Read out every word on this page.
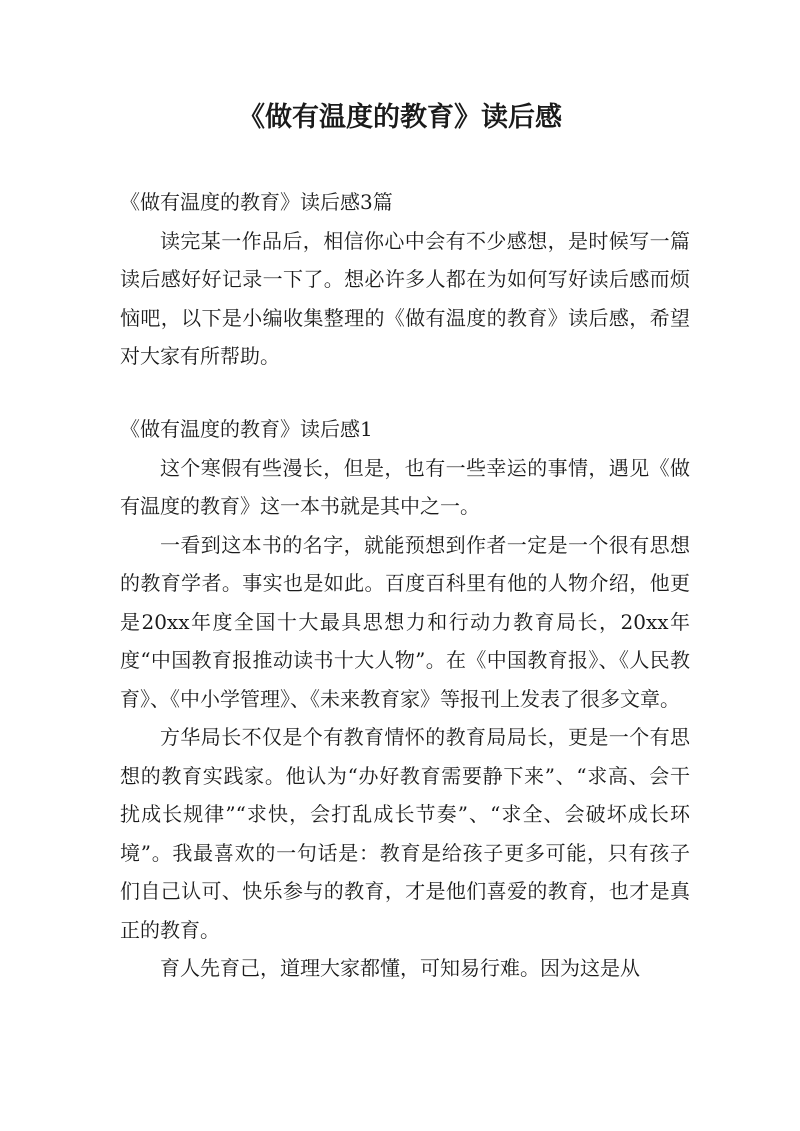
《做有温度的教育》读后感

《做有温度的教育》读后感3篇

读完某一作品后，相信你心中会有不少感想，是时候写一篇读后感好好记录一下了。想必许多人都在为如何写好读后感而烦恼吧，以下是小编收集整理的《做有温度的教育》读后感，希望对大家有所帮助。

《做有温度的教育》读后感1

这个寒假有些漫长，但是，也有一些幸运的事情，遇见《做有温度的教育》这一本书就是其中之一。

一看到这本书的名字，就能预想到作者一定是一个很有思想的教育学者。事实也是如此。百度百科里有他的人物介绍，他更是20xx年度全国十大最具思想力和行动力教育局长，20xx年度“中国教育报推动读书十大人物”。在《中国教育报》、《人民教育》、《中小学管理》、《未来教育家》等报刊上发表了很多文章。

方华局长不仅是个有教育情怀的教育局局长，更是一个有思想的教育实践家。他认为“办好教育需要静下来”、“求高、会干扰成长规律”“求快，会打乱成长节奏”、“求全、会破坏成长环境”。我最喜欢的一句话是：教育是给孩子更多可能，只有孩子们自己认可、快乐参与的教育，才是他们喜爱的教育，也才是真正的教育。

育人先育己，道理大家都懂，可知易行难。因为这是从
